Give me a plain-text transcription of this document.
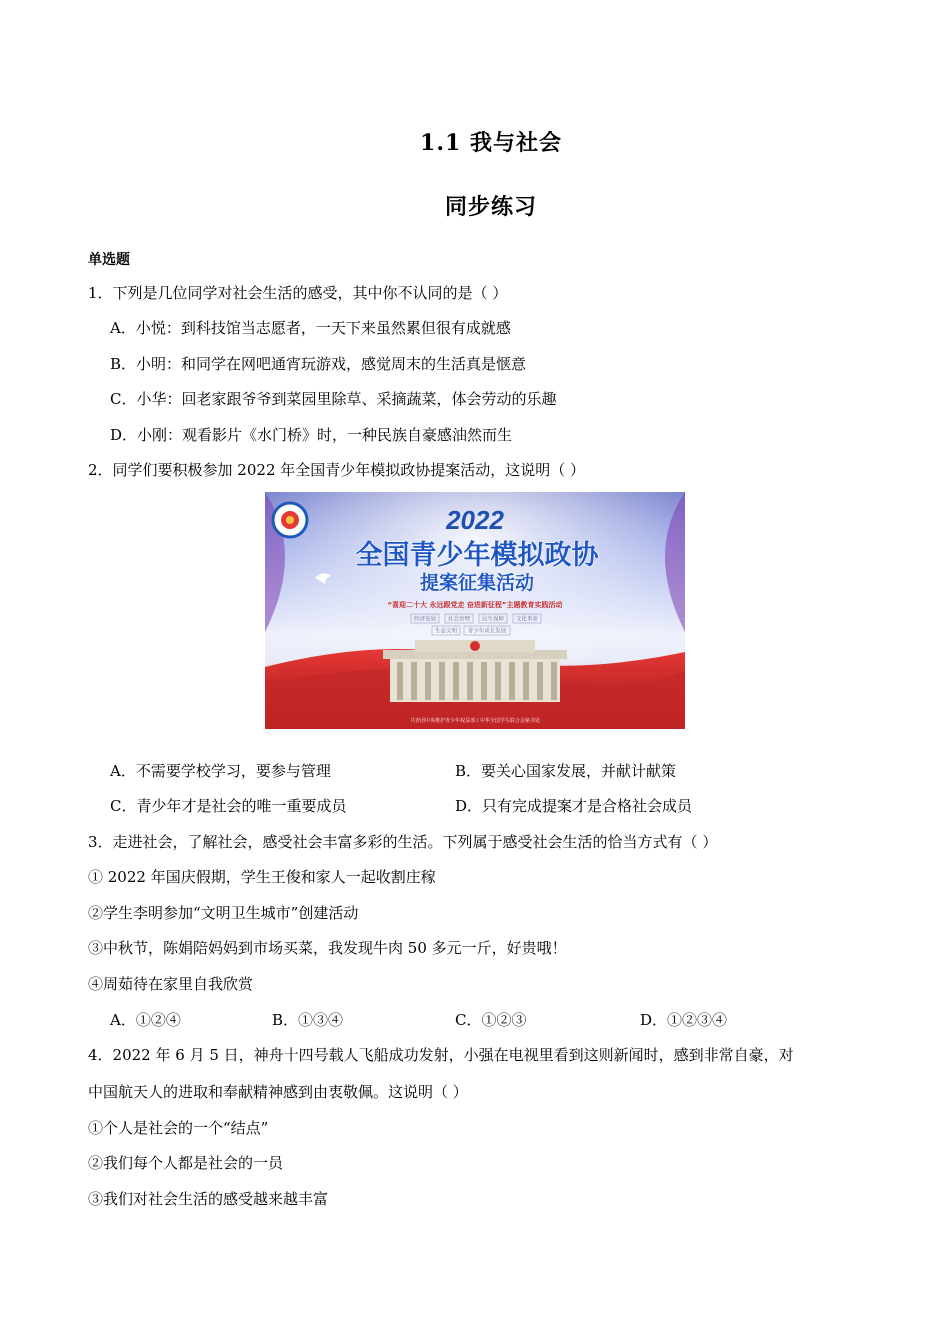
1.1 我与社会
同步练习
单选题
1．下列是几位同学对社会生活的感受，其中你不认同的是（ ）
A．小悦：到科技馆当志愿者，一天下来虽然累但很有成就感
B．小明：和同学在网吧通宵玩游戏，感觉周末的生活真是惬意
C．小华：回老家跟爷爷到菜园里除草、采摘蔬菜，体会劳动的乐趣
D．小刚：观看影片《水门桥》时，一种民族自豪感油然而生
2．同学们要积极参加 2022 年全国青少年模拟政协提案活动，这说明（ ）
2022
全国青少年模拟政协
提案征集活动
“喜迎二十大 永远跟党走 奋进新征程”主题教育实践活动
经济发展 社会治理 民生保障 文化事业
生态文明 青少年成长发展
共青团中央维护青少年权益部 / 中华全国学生联合会秘书处
A．不需要学校学习，要参与管理	B．要关心国家发展，并献计献策
C．青少年才是社会的唯一重要成员	D．只有完成提案才是合格社会成员
3．走进社会，了解社会，感受社会丰富多彩的生活。下列属于感受社会生活的恰当方式有（ ）
① 2022 年国庆假期，学生王俊和家人一起收割庄稼
②学生李明参加“文明卫生城市”创建活动
③中秋节，陈娟陪妈妈到市场买菜，我发现牛肉 50 多元一斤，好贵哦！
④周茹待在家里自我欣赏
A．①②④	B．①③④	C．①②③	D．①②③④
4．2022 年 6 月 5 日，神舟十四号载人飞船成功发射，小强在电视里看到这则新闻时，感到非常自豪，对
中国航天人的进取和奉献精神感到由衷敬佩。这说明（ ）
①个人是社会的一个“结点”
②我们每个人都是社会的一员
③我们对社会生活的感受越来越丰富
